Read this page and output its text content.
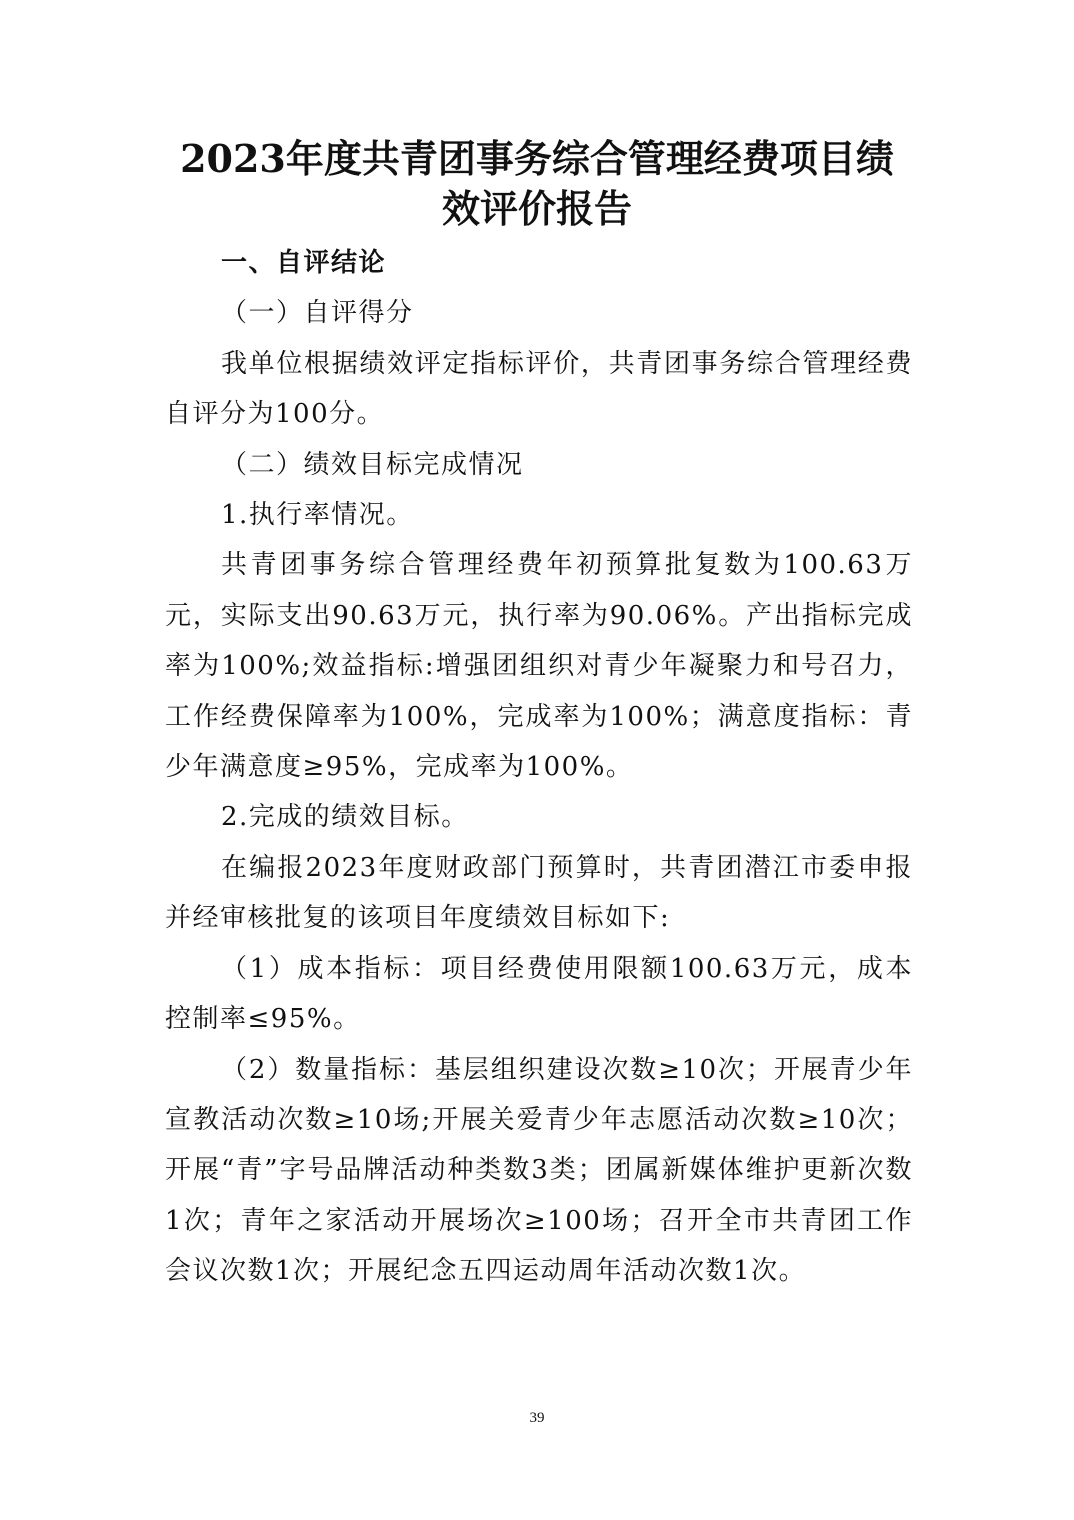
2023年度共青团事务综合管理经费项目绩
效评价报告

一、自评结论

（一）自评得分

我单位根据绩效评定指标评价，共青团事务综合管理经费自评分为100分。

（二）绩效目标完成情况

1.执行率情况。

共青团事务综合管理经费年初预算批复数为100.63万元，实际支出90.63万元，执行率为90.06%。产出指标完成率为100%;效益指标:增强团组织对青少年凝聚力和号召力，工作经费保障率为100%，完成率为100%；满意度指标：青少年满意度≥95%，完成率为100%。

2.完成的绩效目标。

在编报2023年度财政部门预算时，共青团潜江市委申报并经审核批复的该项目年度绩效目标如下:

（1）成本指标：项目经费使用限额100.63万元，成本控制率≤95%。

（2）数量指标：基层组织建设次数≥10次；开展青少年宣教活动次数≥10场;开展关爱青少年志愿活动次数≥10次；开展“青”字号品牌活动种类数3类；团属新媒体维护更新次数1次；青年之家活动开展场次≥100场；召开全市共青团工作会议次数1次；开展纪念五四运动周年活动次数1次。

39
